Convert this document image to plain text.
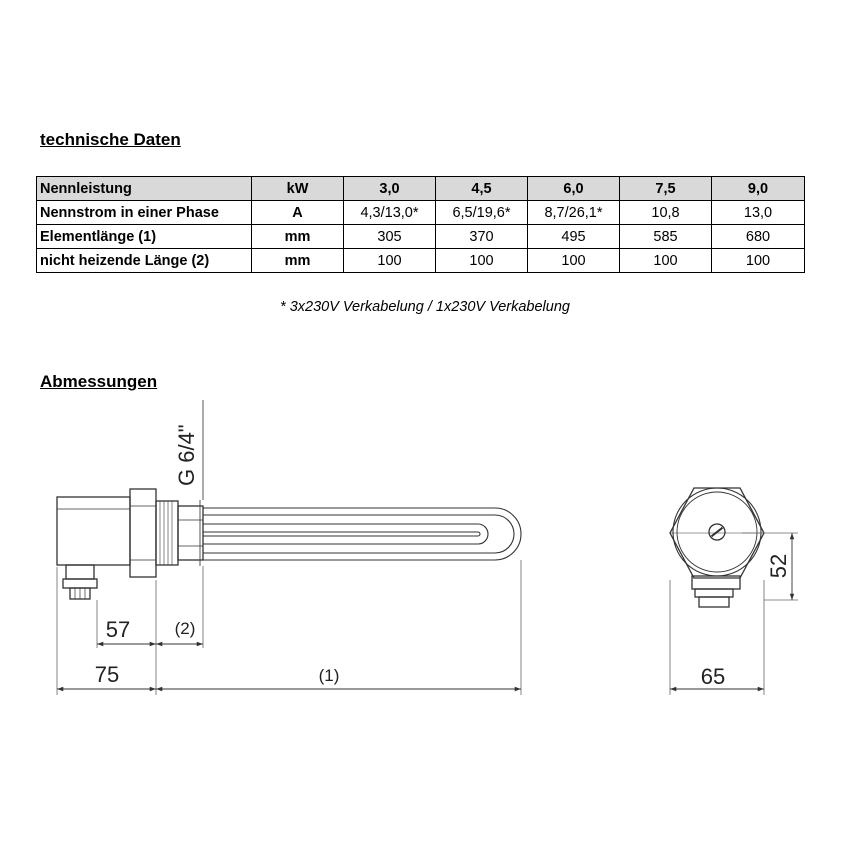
technische Daten
Nennleistung	kW	3,0	4,5	6,0	7,5	9,0
Nennstrom in einer Phase	A	4,3/13,0*	6,5/19,6*	8,7/26,1*	10,8	13,0
Elementlänge (1)	mm	305	370	495	585	680
nicht heizende Länge (2)	mm	100	100	100	100	100
* 3x230V Verkabelung / 1x230V Verkabelung
Abmessungen
G 6/4"
57	(2)
75	(1)
52
65
